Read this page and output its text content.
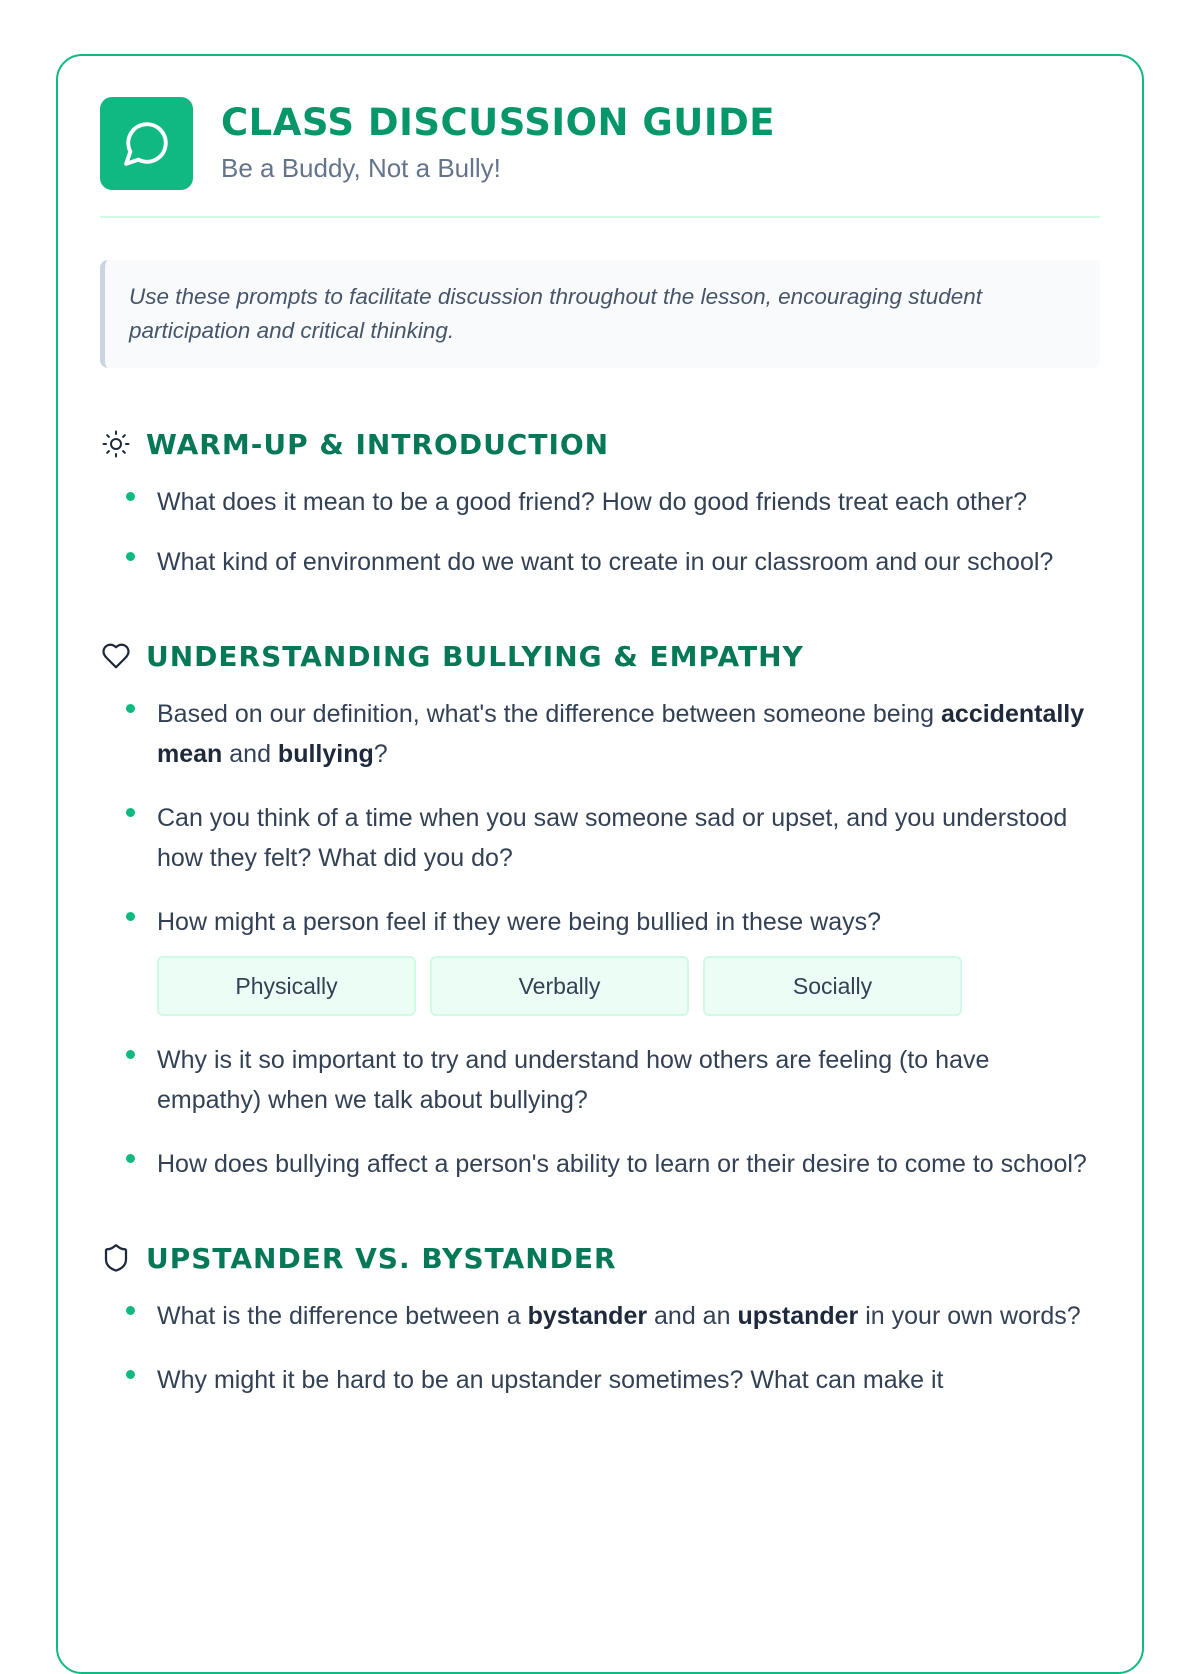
CLASS DISCUSSION GUIDE
Be a Buddy, Not a Bully!
Use these prompts to facilitate discussion throughout the lesson, encouraging student participation and critical thinking.
WARM-UP & INTRODUCTION
What does it mean to be a good friend? How do good friends treat each other?
What kind of environment do we want to create in our classroom and our school?
UNDERSTANDING BULLYING & EMPATHY
Based on our definition, what's the difference between someone being accidentally mean and bullying?
Can you think of a time when you saw someone sad or upset, and you understood how they felt? What did you do?
How might a person feel if they were being bullied in these ways?
Physically	Verbally	Socially
Why is it so important to try and understand how others are feeling (to have empathy) when we talk about bullying?
How does bullying affect a person's ability to learn or their desire to come to school?
UPSTANDER VS. BYSTANDER
What is the difference between a bystander and an upstander in your own words?
Why might it be hard to be an upstander sometimes? What can make it
